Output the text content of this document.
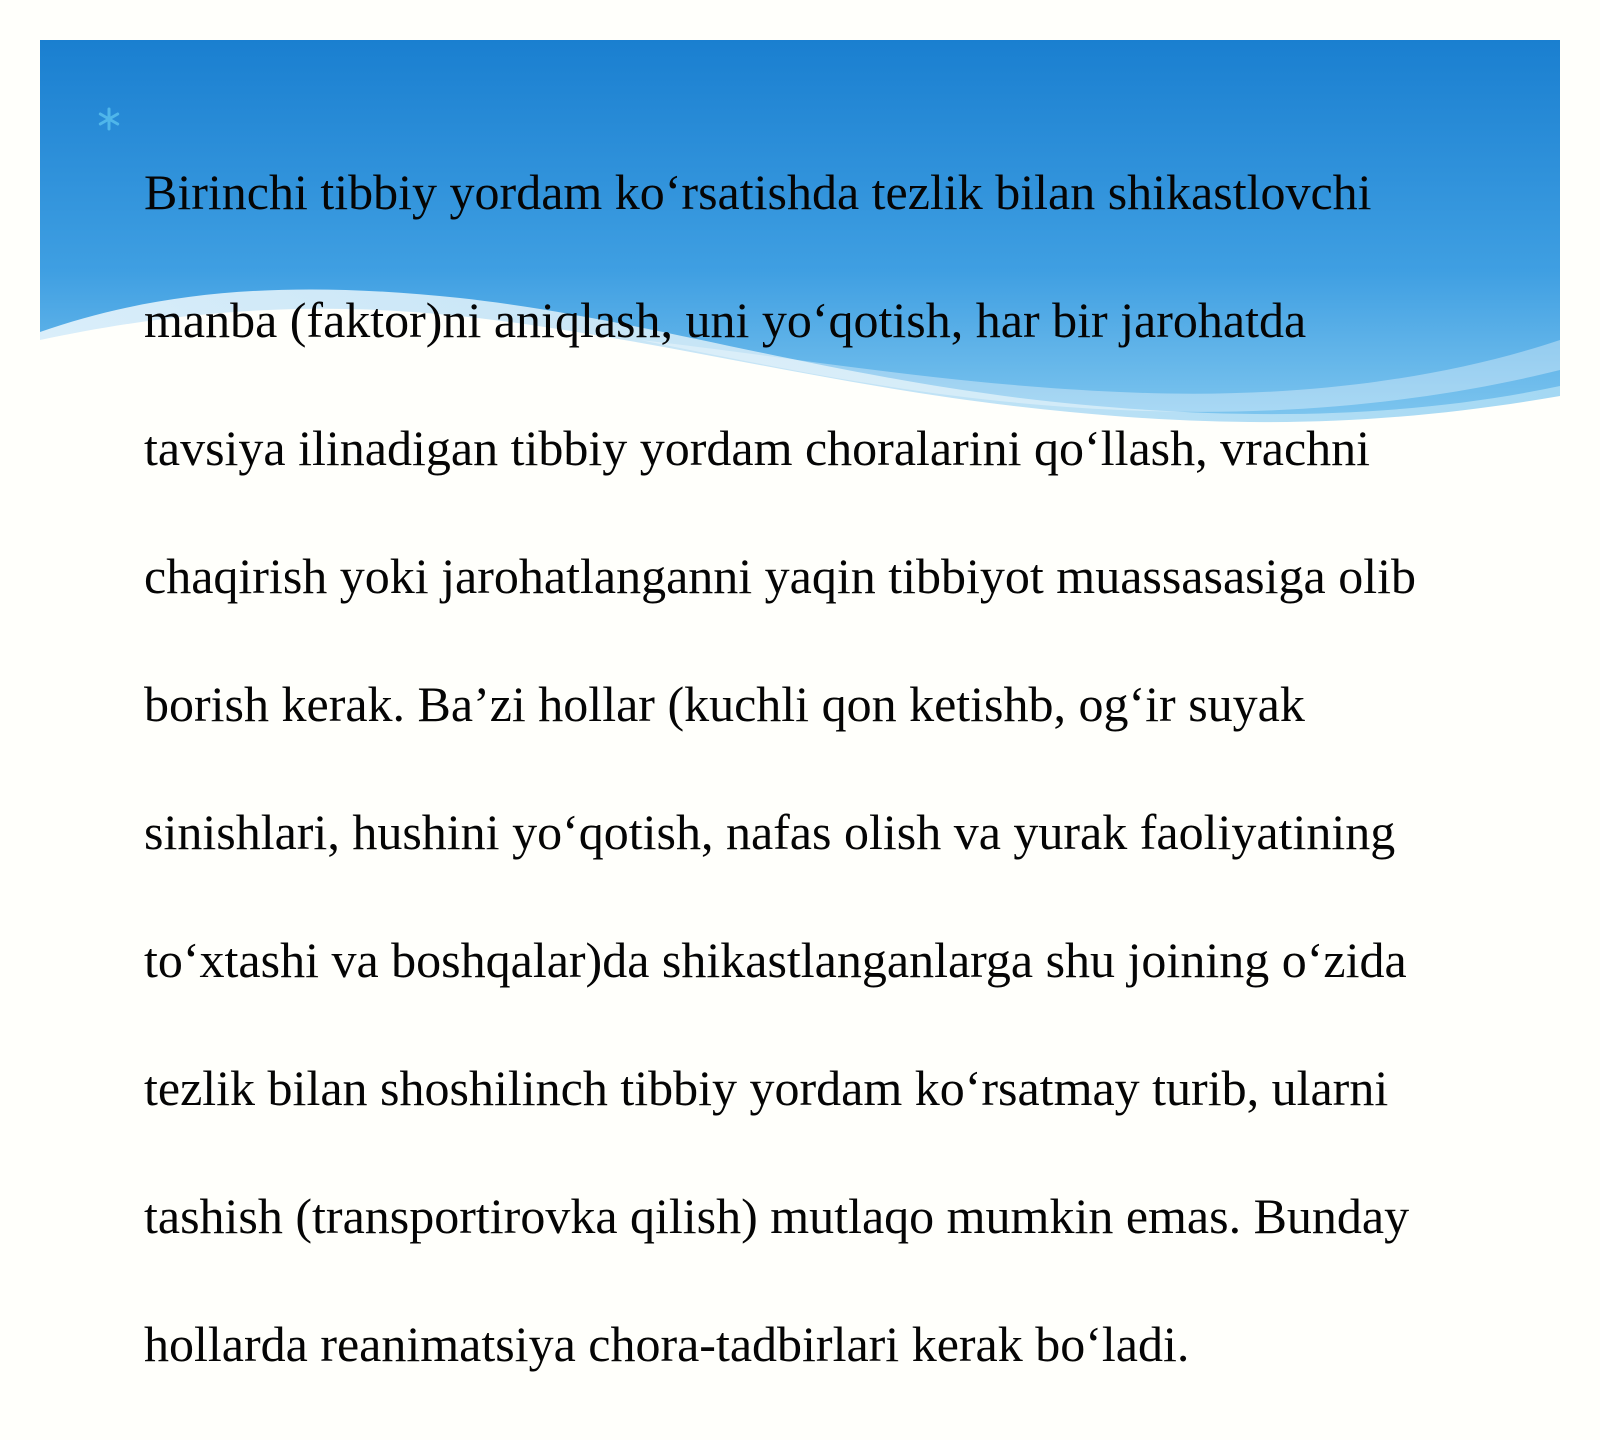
Birinchi tibbiy yordam ko‘rsatishda tezlik bilan shikastlovchi

manba (faktor)ni aniqlash, uni yo‘qotish, har bir jarohatda

tavsiya ilinadigan tibbiy yordam choralarini qo‘llash, vrachni

chaqirish yoki jarohatlanganni yaqin tibbiyot muassasasiga olib

borish kerak. Ba’zi hollar (kuchli qon ketishb, og‘ir suyak

sinishlari, hushini yo‘qotish, nafas olish va yurak faoliyatining

to‘xtashi va boshqalar)da shikastlanganlarga shu joining o‘zida

tezlik bilan shoshilinch tibbiy yordam ko‘rsatmay turib, ularni

tashish (transportirovka qilish) mutlaqo mumkin emas. Bunday

hollarda reanimatsiya chora-tadbirlari kerak bo‘ladi.
